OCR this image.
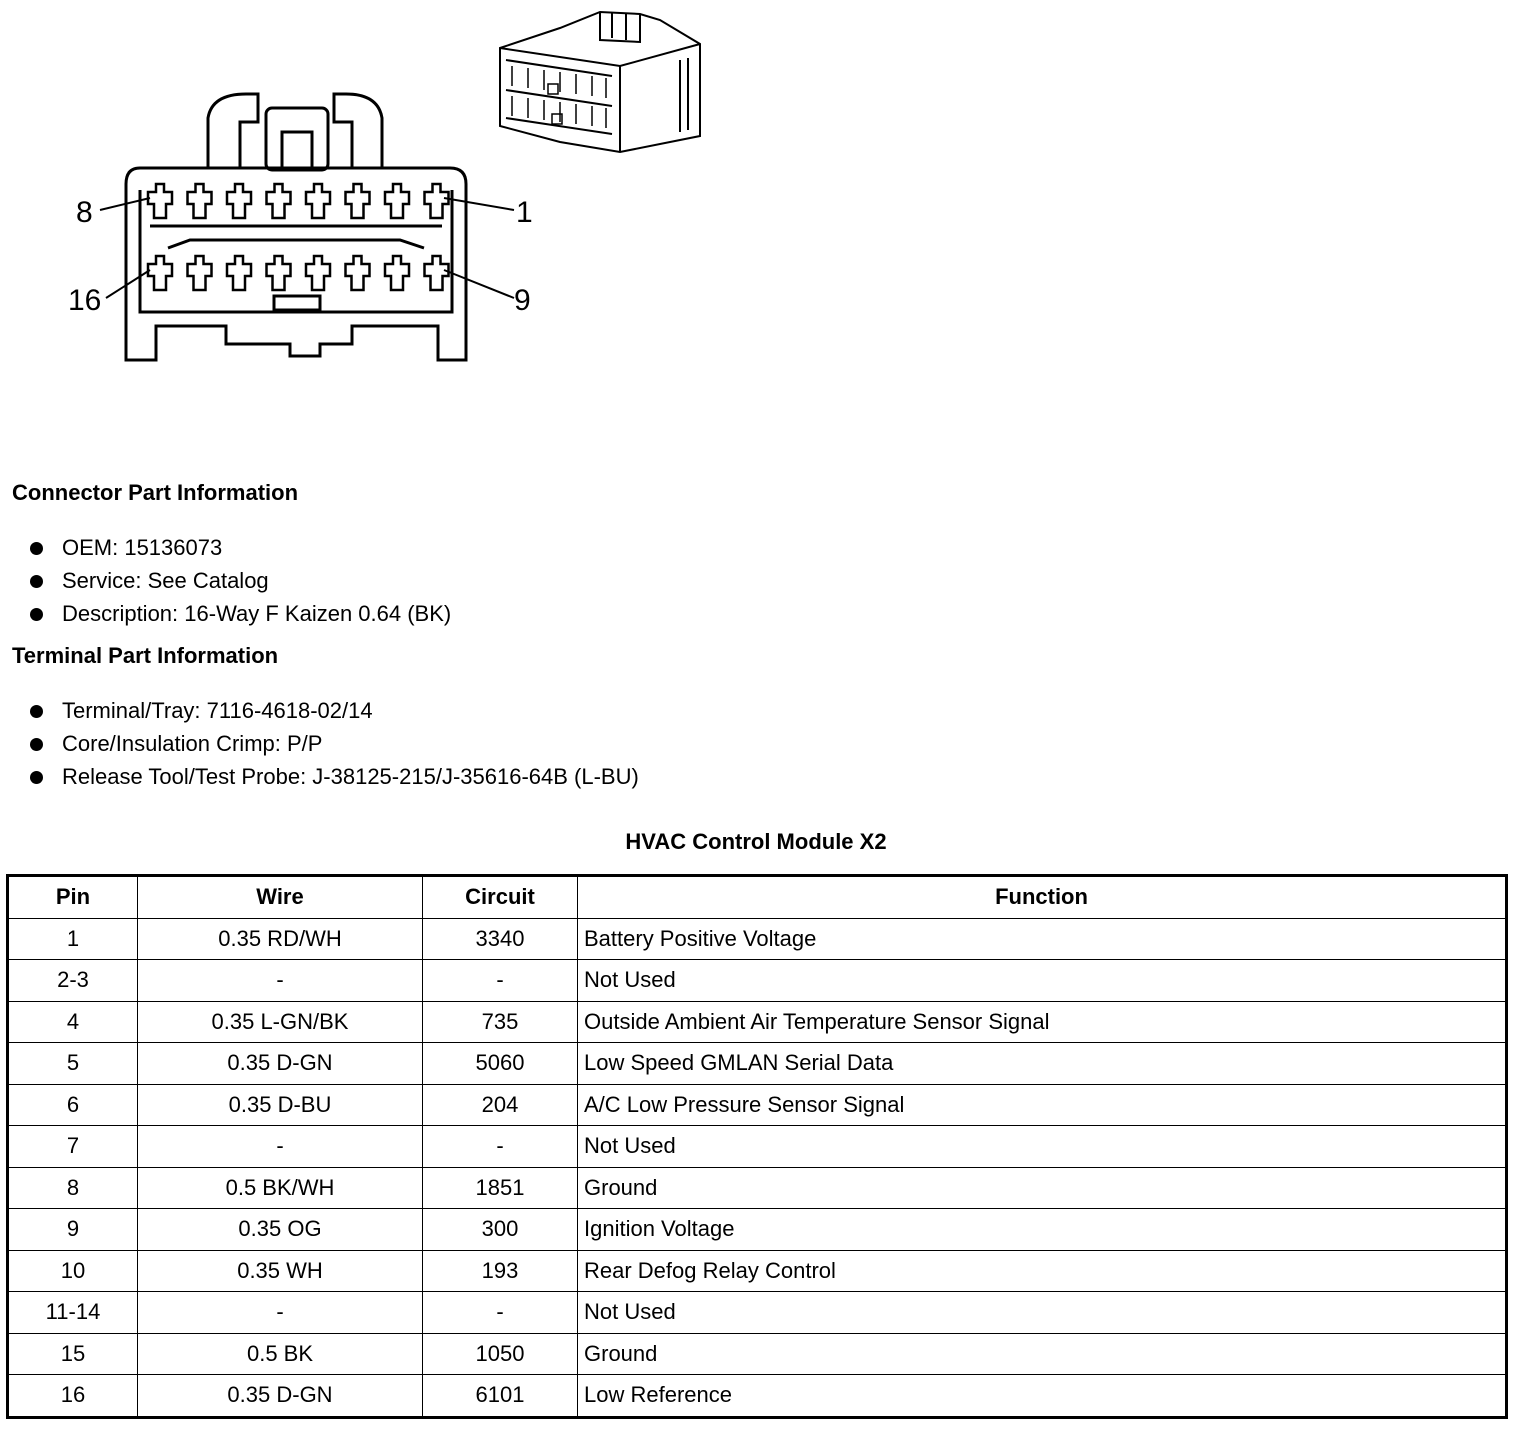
8	1
16	9
Connector Part Information
OEM: 15136073
Service: See Catalog
Description: 16-Way F Kaizen 0.64 (BK)
Terminal Part Information
Terminal/Tray: 7116-4618-02/14
Core/Insulation Crimp: P/P
Release Tool/Test Probe: J-38125-215/J-35616-64B (L-BU)
HVAC Control Module X2
Pin	Wire	Circuit	Function
1	0.35 RD/WH	3340	Battery Positive Voltage
2-3	-	-	Not Used
4	0.35 L-GN/BK	735	Outside Ambient Air Temperature Sensor Signal
5	0.35 D-GN	5060	Low Speed GMLAN Serial Data
6	0.35 D-BU	204	A/C Low Pressure Sensor Signal
7	-	-	Not Used
8	0.5 BK/WH	1851	Ground
9	0.35 OG	300	Ignition Voltage
10	0.35 WH	193	Rear Defog Relay Control
11-14	-	-	Not Used
15	0.5 BK	1050	Ground
16	0.35 D-GN	6101	Low Reference
